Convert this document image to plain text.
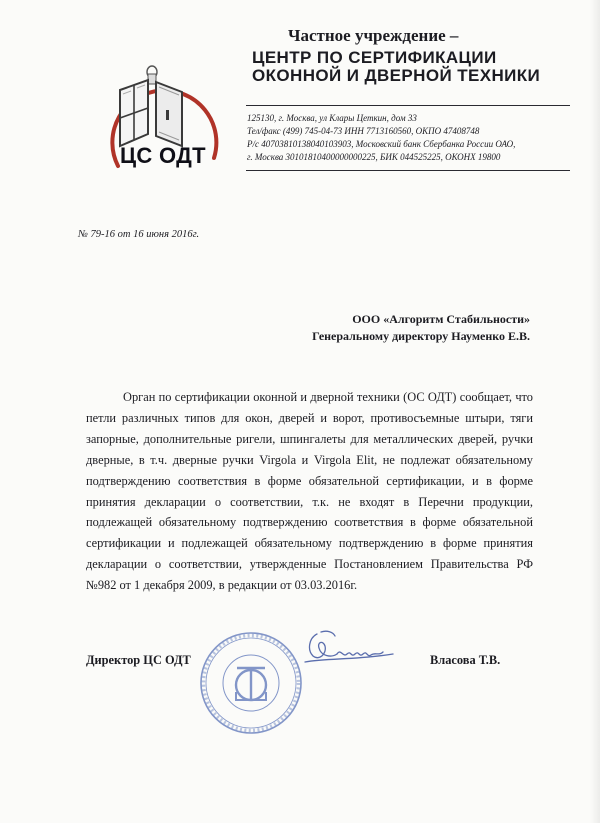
ЦС ОДТ
Частное учреждение –
ЦЕНТР ПО СЕРТИФИКАЦИИ
ОКОННОЙ И ДВЕРНОЙ ТЕХНИКИ
125130, г. Москва, ул Клары Цеткин, дом 33
Тел/факс (499) 745-04-73 ИНН 7713160560, ОКПО 47408748
Р/с 40703810138040103903, Московский банк Сбербанка России ОАО,
г. Москва 30101810400000000225, БИК 044525225, ОКОНХ 19800
№ 79-16 от 16 июня 2016г.
ООО «Алгоритм Стабильности»
Генеральному директору Науменко Е.В.
Орган по сертификации оконной и дверной техники (ОС ОДТ) сообщает, что петли различных типов для окон, дверей и ворот, противосъемные штыри, тяги запорные, дополнительные ригели, шпингалеты для металлических дверей, ручки дверные, в т.ч. дверные ручки Virgola и Virgola Elit, не подлежат обязательному подтверждению соответствия в форме обязательной сертификации, и в форме принятия декларации о соответствии, т.к. не входят в Перечни продукции, подлежащей обязательному подтверждению соответствия в форме обязательной сертификации и подлежащей обязательному подтверждению в форме принятия декларации о соответствии, утвержденные Постановлением Правительства РФ №982 от 1 декабря 2009, в редакции от 03.03.2016г.
Директор ЦС ОДТ	Власова Т.В.
